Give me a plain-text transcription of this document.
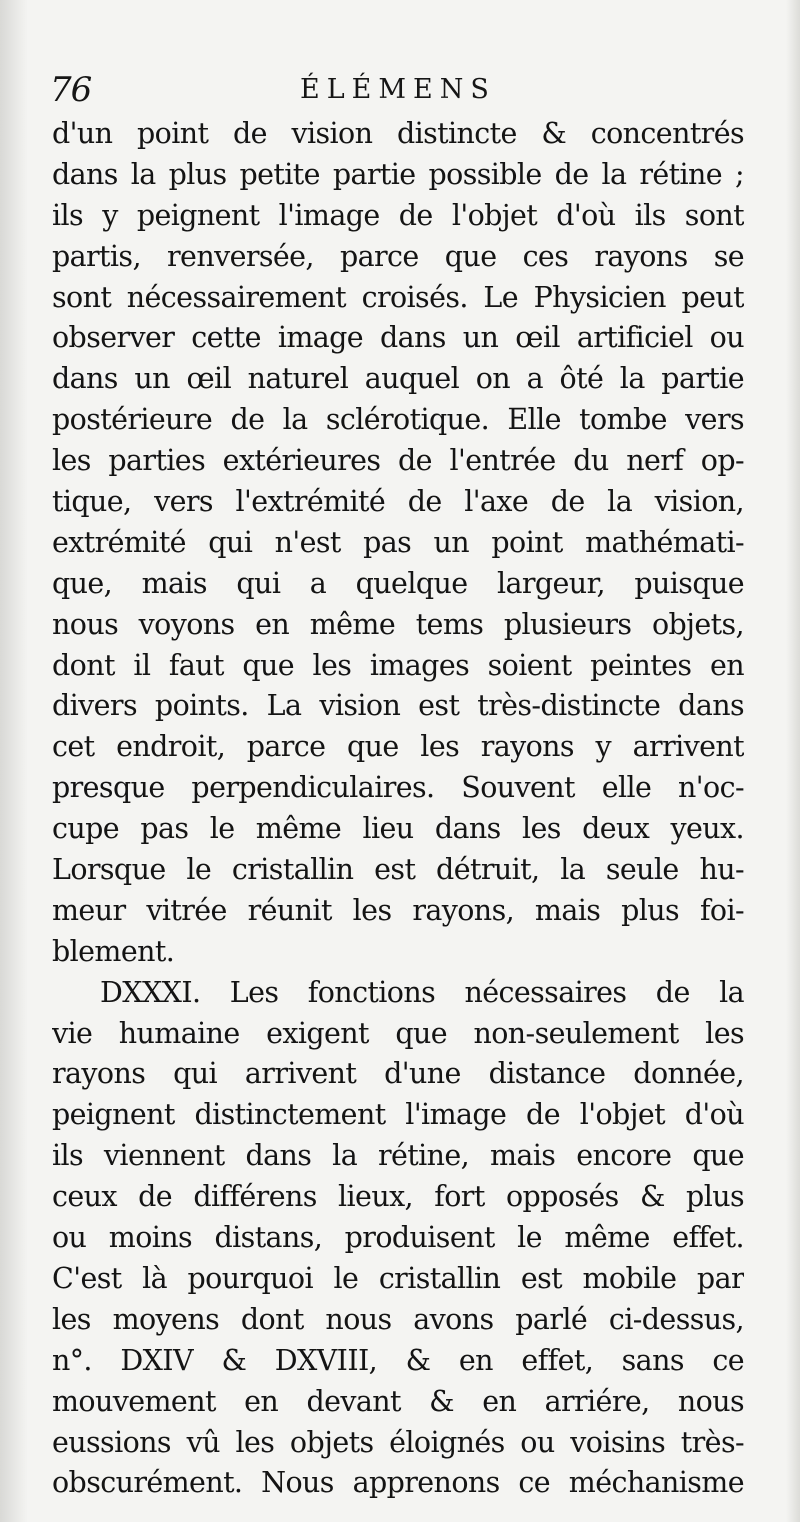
76	ÉLÉMENS
d'un point de vision distincte & concentrés
dans la plus petite partie possible de la rétine ;
ils y peignent l'image de l'objet d'où ils sont
partis, renversée, parce que ces rayons se
sont nécessairement croisés. Le Physicien peut
observer cette image dans un œil artificiel ou
dans un œil naturel auquel on a ôté la partie
postérieure de la sclérotique. Elle tombe vers
les parties extérieures de l'entrée du nerf op-
tique, vers l'extrémité de l'axe de la vision,
extrémité qui n'est pas un point mathémati-
que, mais qui a quelque largeur, puisque
nous voyons en même tems plusieurs objets,
dont il faut que les images soient peintes en
divers points. La vision est très-distincte dans
cet endroit, parce que les rayons y arrivent
presque perpendiculaires. Souvent elle n'oc-
cupe pas le même lieu dans les deux yeux.
Lorsque le cristallin est détruit, la seule hu-
meur vitrée réunit les rayons, mais plus foi-
blement.
DXXXI. Les fonctions nécessaires de la
vie humaine exigent que non-seulement les
rayons qui arrivent d'une distance donnée,
peignent distinctement l'image de l'objet d'où
ils viennent dans la rétine, mais encore que
ceux de différens lieux, fort opposés & plus
ou moins distans, produisent le même effet.
C'est là pourquoi le cristallin est mobile par
les moyens dont nous avons parlé ci-dessus,
n°. DXIV & DXVIII, & en effet, sans ce
mouvement en devant & en arriére, nous
eussions vû les objets éloignés ou voisins très-
obscurément. Nous apprenons ce méchanisme
